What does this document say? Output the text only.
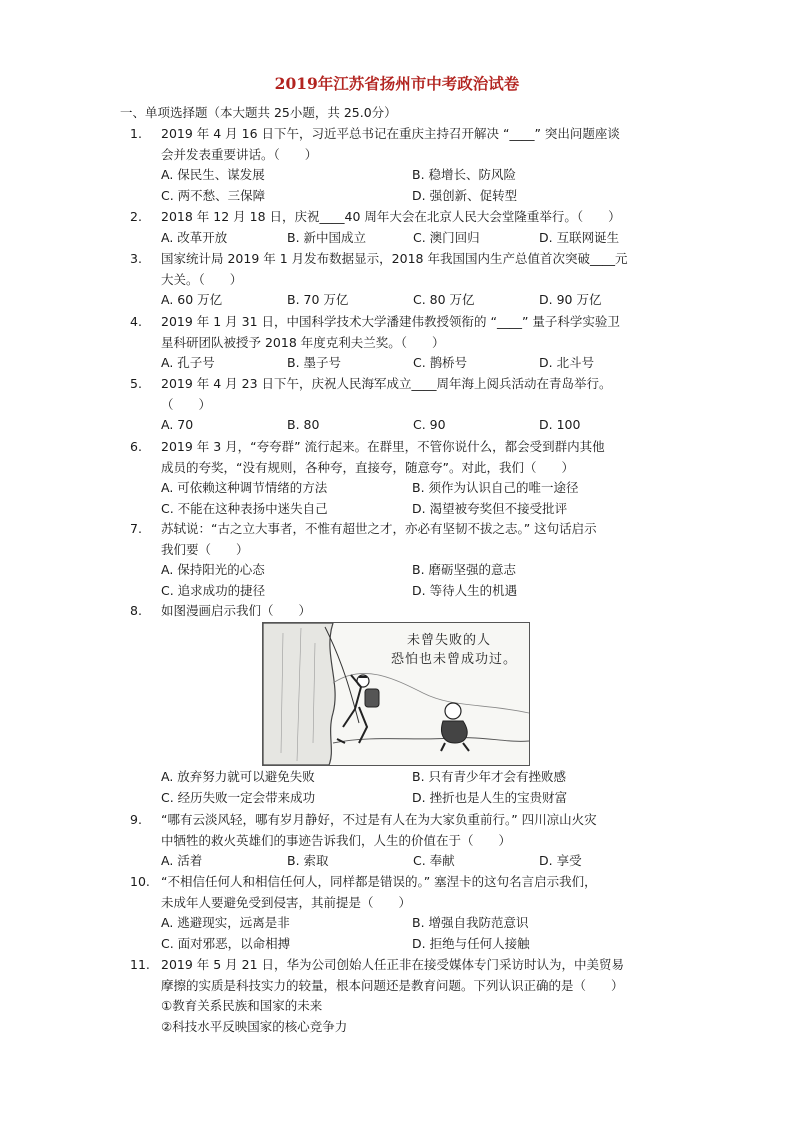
2019年江苏省扬州市中考政治试卷
一、单项选择题（本大题共 25小题，共 25.0分）
1.	2019 年 4 月 16 日下午，习近平总书记在重庆主持召开解决 “____” 突出问题座谈
会并发表重要讲话。（　　）
A. 保民生、谋发展	B. 稳增长、防风险
C. 两不愁、三保障	D. 强创新、促转型
2.	2018 年 12 月 18 日，庆祝____40 周年大会在北京人民大会堂隆重举行。（　　）
A. 改革开放	B. 新中国成立	C. 澳门回归	D. 互联网诞生
3.	国家统计局 2019 年 1 月发布数据显示，2018 年我国国内生产总值首次突破____元
大关。（　　）
A. 60 万亿	B. 70 万亿	C. 80 万亿	D. 90 万亿
4.	2019 年 1 月 31 日，中国科学技术大学潘建伟教授领衔的 “____” 量子科学实验卫
星科研团队被授予 2018 年度克利夫兰奖。（　　）
A. 孔子号	B. 墨子号	C. 鹊桥号	D. 北斗号
5.	2019 年 4 月 23 日下午，庆祝人民海军成立____周年海上阅兵活动在青岛举行。
（　　）
A. 70	B. 80	C. 90	D. 100
6.	2019 年 3 月，“夸夸群” 流行起来。在群里，不管你说什么，都会受到群内其他
成员的夸奖，“没有规则，各种夸，直接夸，随意夸”。对此，我们（　　）
A. 可依赖这种调节情绪的方法	B. 须作为认识自己的唯一途径
C. 不能在这种表扬中迷失自己	D. 渴望被夸奖但不接受批评
7.	苏轼说：“古之立大事者，不惟有超世之才，亦必有坚韧不拔之志。” 这句话启示
我们要（　　）
A. 保持阳光的心态	B. 磨砺坚强的意志
C. 追求成功的捷径	D. 等待人生的机遇
8.	如图漫画启示我们（　　）
未曾失败的人
恐怕也未曾成功过。
A. 放弃努力就可以避免失败	B. 只有青少年才会有挫败感
C. 经历失败一定会带来成功	D. 挫折也是人生的宝贵财富
9.	“哪有云淡风轻，哪有岁月静好，不过是有人在为大家负重前行。” 四川凉山火灾
中牺牲的救火英雄们的事迹告诉我们，人生的价值在于（　　）
A. 活着	B. 索取	C. 奉献	D. 享受
10. “不相信任何人和相信任何人，同样都是错误的。” 塞涅卡的这句名言启示我们，
未成年人要避免受到侵害，其前提是（　　）
A. 逃避现实，远离是非	B. 增强自我防范意识
C. 面对邪恶，以命相搏	D. 拒绝与任何人接触
11. 2019 年 5 月 21 日，华为公司创始人任正非在接受媒体专门采访时认为，中美贸易
摩擦的实质是科技实力的较量，根本问题还是教育问题。下列认识正确的是（　　）
①教育关系民族和国家的未来
②科技水平反映国家的核心竞争力
